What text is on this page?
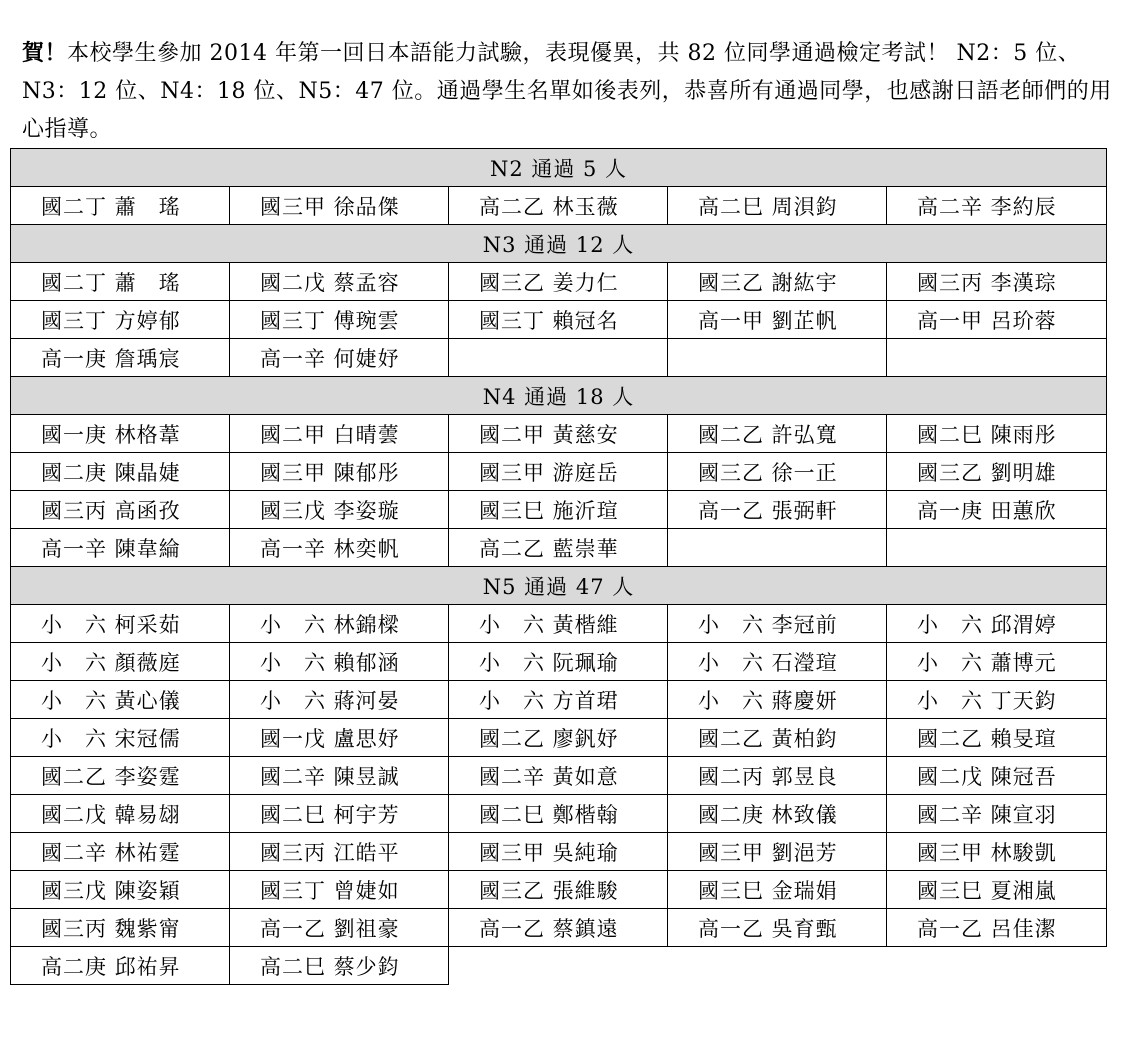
賀！本校學生參加 2014 年第一回日本語能力試驗，表現優異，共 82 位同學通過檢定考試！ N2：5 位、N3：12 位、N4：18 位、N5：47 位。通過學生名單如後表列，恭喜所有通過同學，也感謝日語老師們的用心指導。
N2 通過 5 人				
國二丁 蕭　瑤	國三甲 徐品傑	高二乙 林玉薇	高二巳 周浿鈞	高二辛 李約辰
N3 通過 12 人				
國二丁 蕭　瑤	國二戊 蔡孟容	國三乙 姜力仁	國三乙 謝紘宇	國三丙 李漢琮
國三丁 方婷郁	國三丁 傅琬雲	國三丁 賴冠名	高一甲 劉芷帆	高一甲 呂玠蓉
高一庚 詹瑀宸	高一辛 何婕妤			
N4 通過 18 人				
國一庚 林格葦	國二甲 白晴蕓	國二甲 黃慈安	國二乙 許弘寬	國二巳 陳雨彤
國二庚 陳晶婕	國三甲 陳郁彤	國三甲 游庭岳	國三乙 徐一正	國三乙 劉明雄
國三丙 高函孜	國三戊 李姿璇	國三巳 施沂瑄	高一乙 張弼軒	高一庚 田蕙欣
高一辛 陳韋綸	高一辛 林奕帆	高二乙 藍崇華		
N5 通過 47 人				
小　六 柯采茹	小　六 林錦樑	小　六 黃楷維	小　六 李冠前	小　六 邱渭婷
小　六 顏薇庭	小　六 賴郁涵	小　六 阮珮瑜	小　六 石瀅瑄	小　六 蕭博元
小　六 黃心儀	小　六 蔣河晏	小　六 方首珺	小　六 蔣慶妍	小　六 丁天鈞
小　六 宋冠儒	國一戊 盧思妤	國二乙 廖釩妤	國二乙 黃柏鈞	國二乙 賴旻瑄
國二乙 李姿霆	國二辛 陳昱誠	國二辛 黃如意	國二丙 郭昱良	國二戊 陳冠吾
國二戊 韓易翃	國二巳 柯宇芳	國二巳 鄭楷翰	國二庚 林致儀	國二辛 陳宣羽
國二辛 林祐霆	國三丙 江皓平	國三甲 吳純瑜	國三甲 劉浥芳	國三甲 林駿凱
國三戊 陳姿穎	國三丁 曾婕如	國三乙 張維駿	國三巳 金瑞娟	國三巳 夏湘嵐
國三丙 魏紫甯	高一乙 劉祖豪	高一乙 蔡鎮遠	高一乙 吳育甄	高一乙 呂佳潔
高二庚 邱祐昇	高二巳 蔡少鈞			
